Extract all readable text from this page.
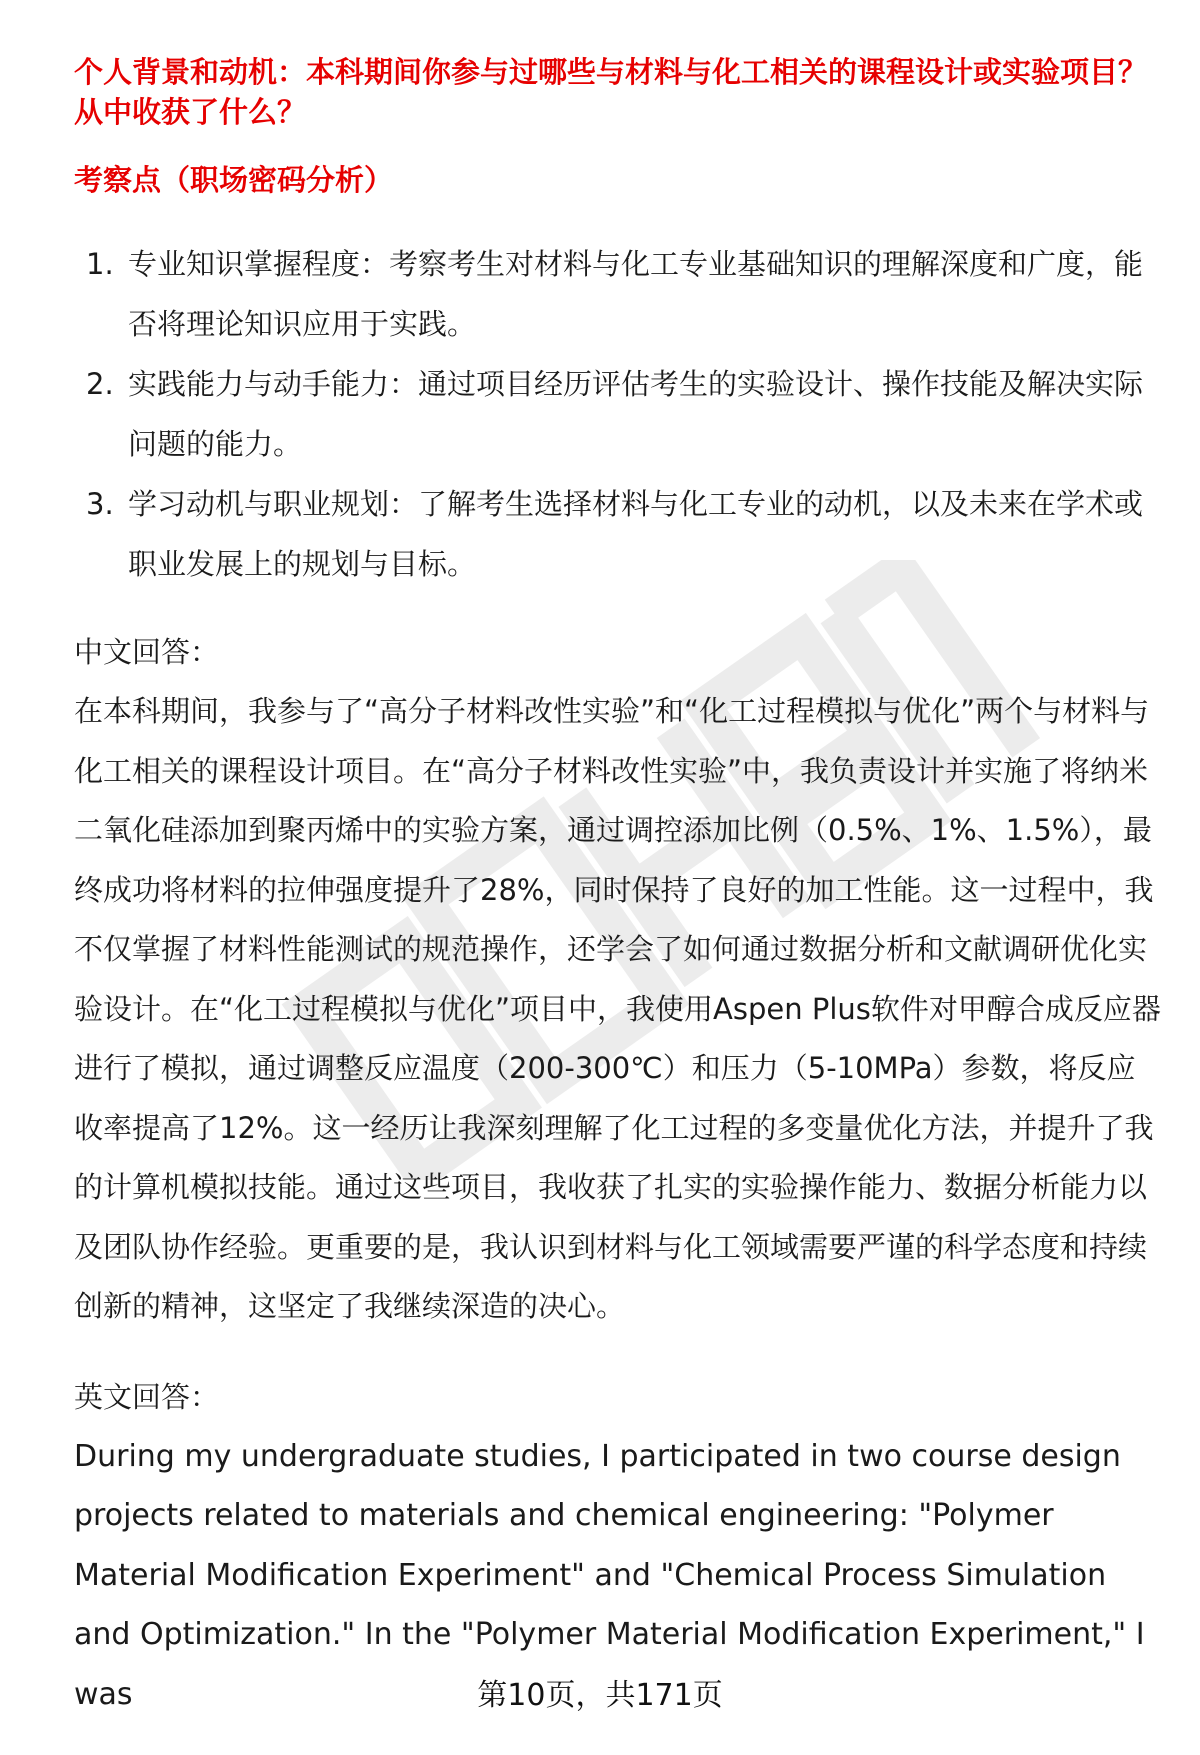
个人背景和动机：本科期间你参与过哪些与材料与化工相关的课程设计或实验项目？从中收获了什么？

考察点（职场密码分析）

1. 专业知识掌握程度：考察考生对材料与化工专业基础知识的理解深度和广度，能否将理论知识应用于实践。
2. 实践能力与动手能力：通过项目经历评估考生的实验设计、操作技能及解决实际问题的能力。
3. 学习动机与职业规划：了解考生选择材料与化工专业的动机，以及未来在学术或职业发展上的规划与目标。

中文回答：

在本科期间，我参与了“高分子材料改性实验”和“化工过程模拟与优化”两个与材料与化工相关的课程设计项目。在“高分子材料改性实验”中，我负责设计并实施了将纳米二氧化硅添加到聚丙烯中的实验方案，通过调控添加比例（0.5%、1%、1.5%），最终成功将材料的拉伸强度提升了28%，同时保持了良好的加工性能。这一过程中，我不仅掌握了材料性能测试的规范操作，还学会了如何通过数据分析和文献调研优化实验设计。在“化工过程模拟与优化”项目中，我使用Aspen Plus软件对甲醇合成反应器进行了模拟，通过调整反应温度（200-300℃）和压力（5-10MPa）参数，将反应收率提高了12%。这一经历让我深刻理解了化工过程的多变量优化方法，并提升了我的计算机模拟技能。通过这些项目，我收获了扎实的实验操作能力、数据分析能力以及团队协作经验。更重要的是，我认识到材料与化工领域需要严谨的科学态度和持续创新的精神，这坚定了我继续深造的决心。

英文回答：

During my undergraduate studies, I participated in two course design projects related to materials and chemical engineering: "Polymer Material Modification Experiment" and "Chemical Process Simulation and Optimization." In the "Polymer Material Modification Experiment," I was	第10页，共171页
